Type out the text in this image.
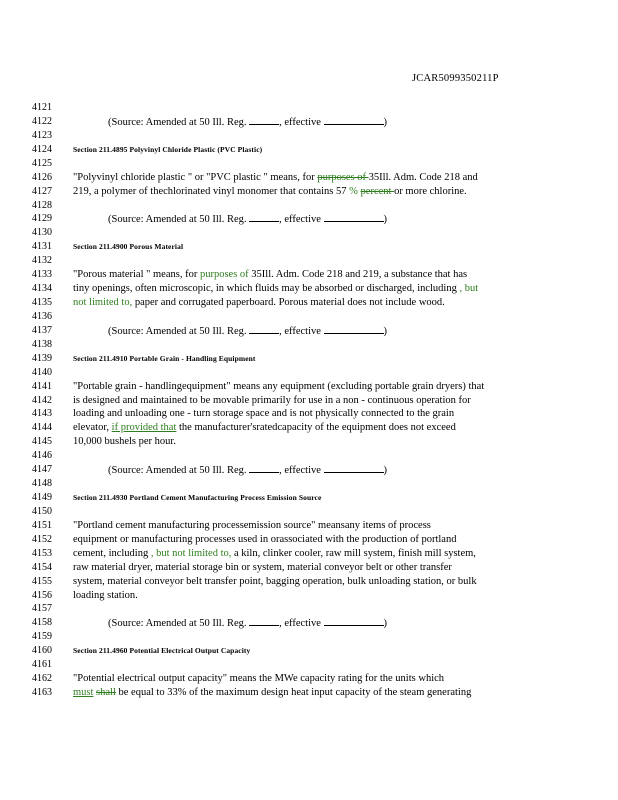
JCAR5099350211P
4121
4122	(Source: Amended at 50 Ill. Reg.	, effective	)
4123
4124	Section 211.4895 Polyvinyl Chloride Plastic (PVC Plastic)
4125
4126	"Polyvinyl chloride plastic " or "PVC plastic " means, for purposes of 35Ill. Adm. Code 218 and
4127	219, a polymer of thechlorinated vinyl monomer that contains 57 % percent or more chlorine.
4128
4129	(Source: Amended at 50 Ill. Reg.	, effective	)
4130
4131	Section 211.4900 Porous Material
4132
4133	"Porous material " means, for purposes of 35Ill. Adm. Code 218 and 219, a substance that has
4134	tiny openings, often microscopic, in which fluids may be absorbed or discharged, including , but
4135	not limited to, paper and corrugated paperboard. Porous material does not include wood.
4136
4137	(Source: Amended at 50 Ill. Reg.	, effective	)
4138
4139	Section 211.4910 Portable Grain - Handling Equipment
4140
4141	"Portable grain - handlingequipment" means any equipment (excluding portable grain dryers) that
4142	is designed and maintained to be movable primarily for use in a non - continuous operation for
4143	loading and unloading one - turn storage space and is not physically connected to the grain
4144	elevator, if provided that the manufacturer'sratedcapacity of the equipment does not exceed
4145	10,000 bushels per hour.
4146
4147	(Source: Amended at 50 Ill. Reg.	, effective	)
4148
4149	Section 211.4930 Portland Cement Manufacturing Process Emission Source
4150
4151	"Portland cement manufacturing processemission source" meansany items of process
4152	equipment or manufacturing processes used in orassociated with the production of portland
4153	cement, including , but not limited to, a kiln, clinker cooler, raw mill system, finish mill system,
4154	raw material dryer, material storage bin or system, material conveyor belt or other transfer
4155	system, material conveyor belt transfer point, bagging operation, bulk unloading station, or bulk
4156	loading station.
4157
4158	(Source: Amended at 50 Ill. Reg.	, effective	)
4159
4160	Section 211.4960 Potential Electrical Output Capacity
4161
4162	"Potential electrical output capacity" means the MWe capacity rating for the units which
4163	must shall be equal to 33% of the maximum design heat input capacity of the steam generating
